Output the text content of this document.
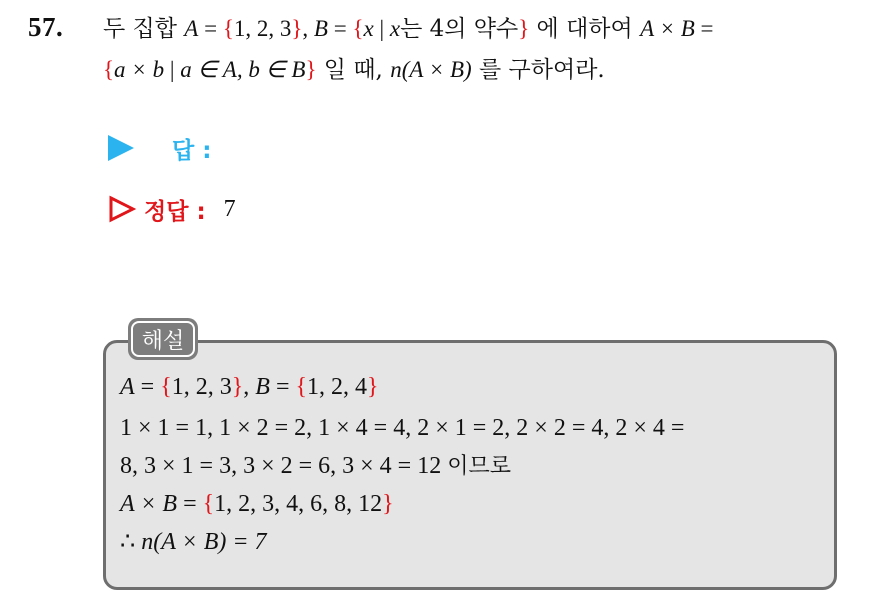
57. 두 집합 A = {1, 2, 3}, B = {x | x는 4의 약수} 에 대하여 A × B =
{a × b | a ∈ A, b ∈ B} 일 때, n(A × B) 를 구하여라.
답 :
정답 : 7
해설
A = {1, 2, 3}, B = {1, 2, 4}
1 × 1 = 1, 1 × 2 = 2, 1 × 4 = 4, 2 × 1 = 2, 2 × 2 = 4, 2 × 4 =
8, 3 × 1 = 3, 3 × 2 = 6, 3 × 4 = 12 이므로
A × B = {1, 2, 3, 4, 6, 8, 12}
∴ n(A × B) = 7
